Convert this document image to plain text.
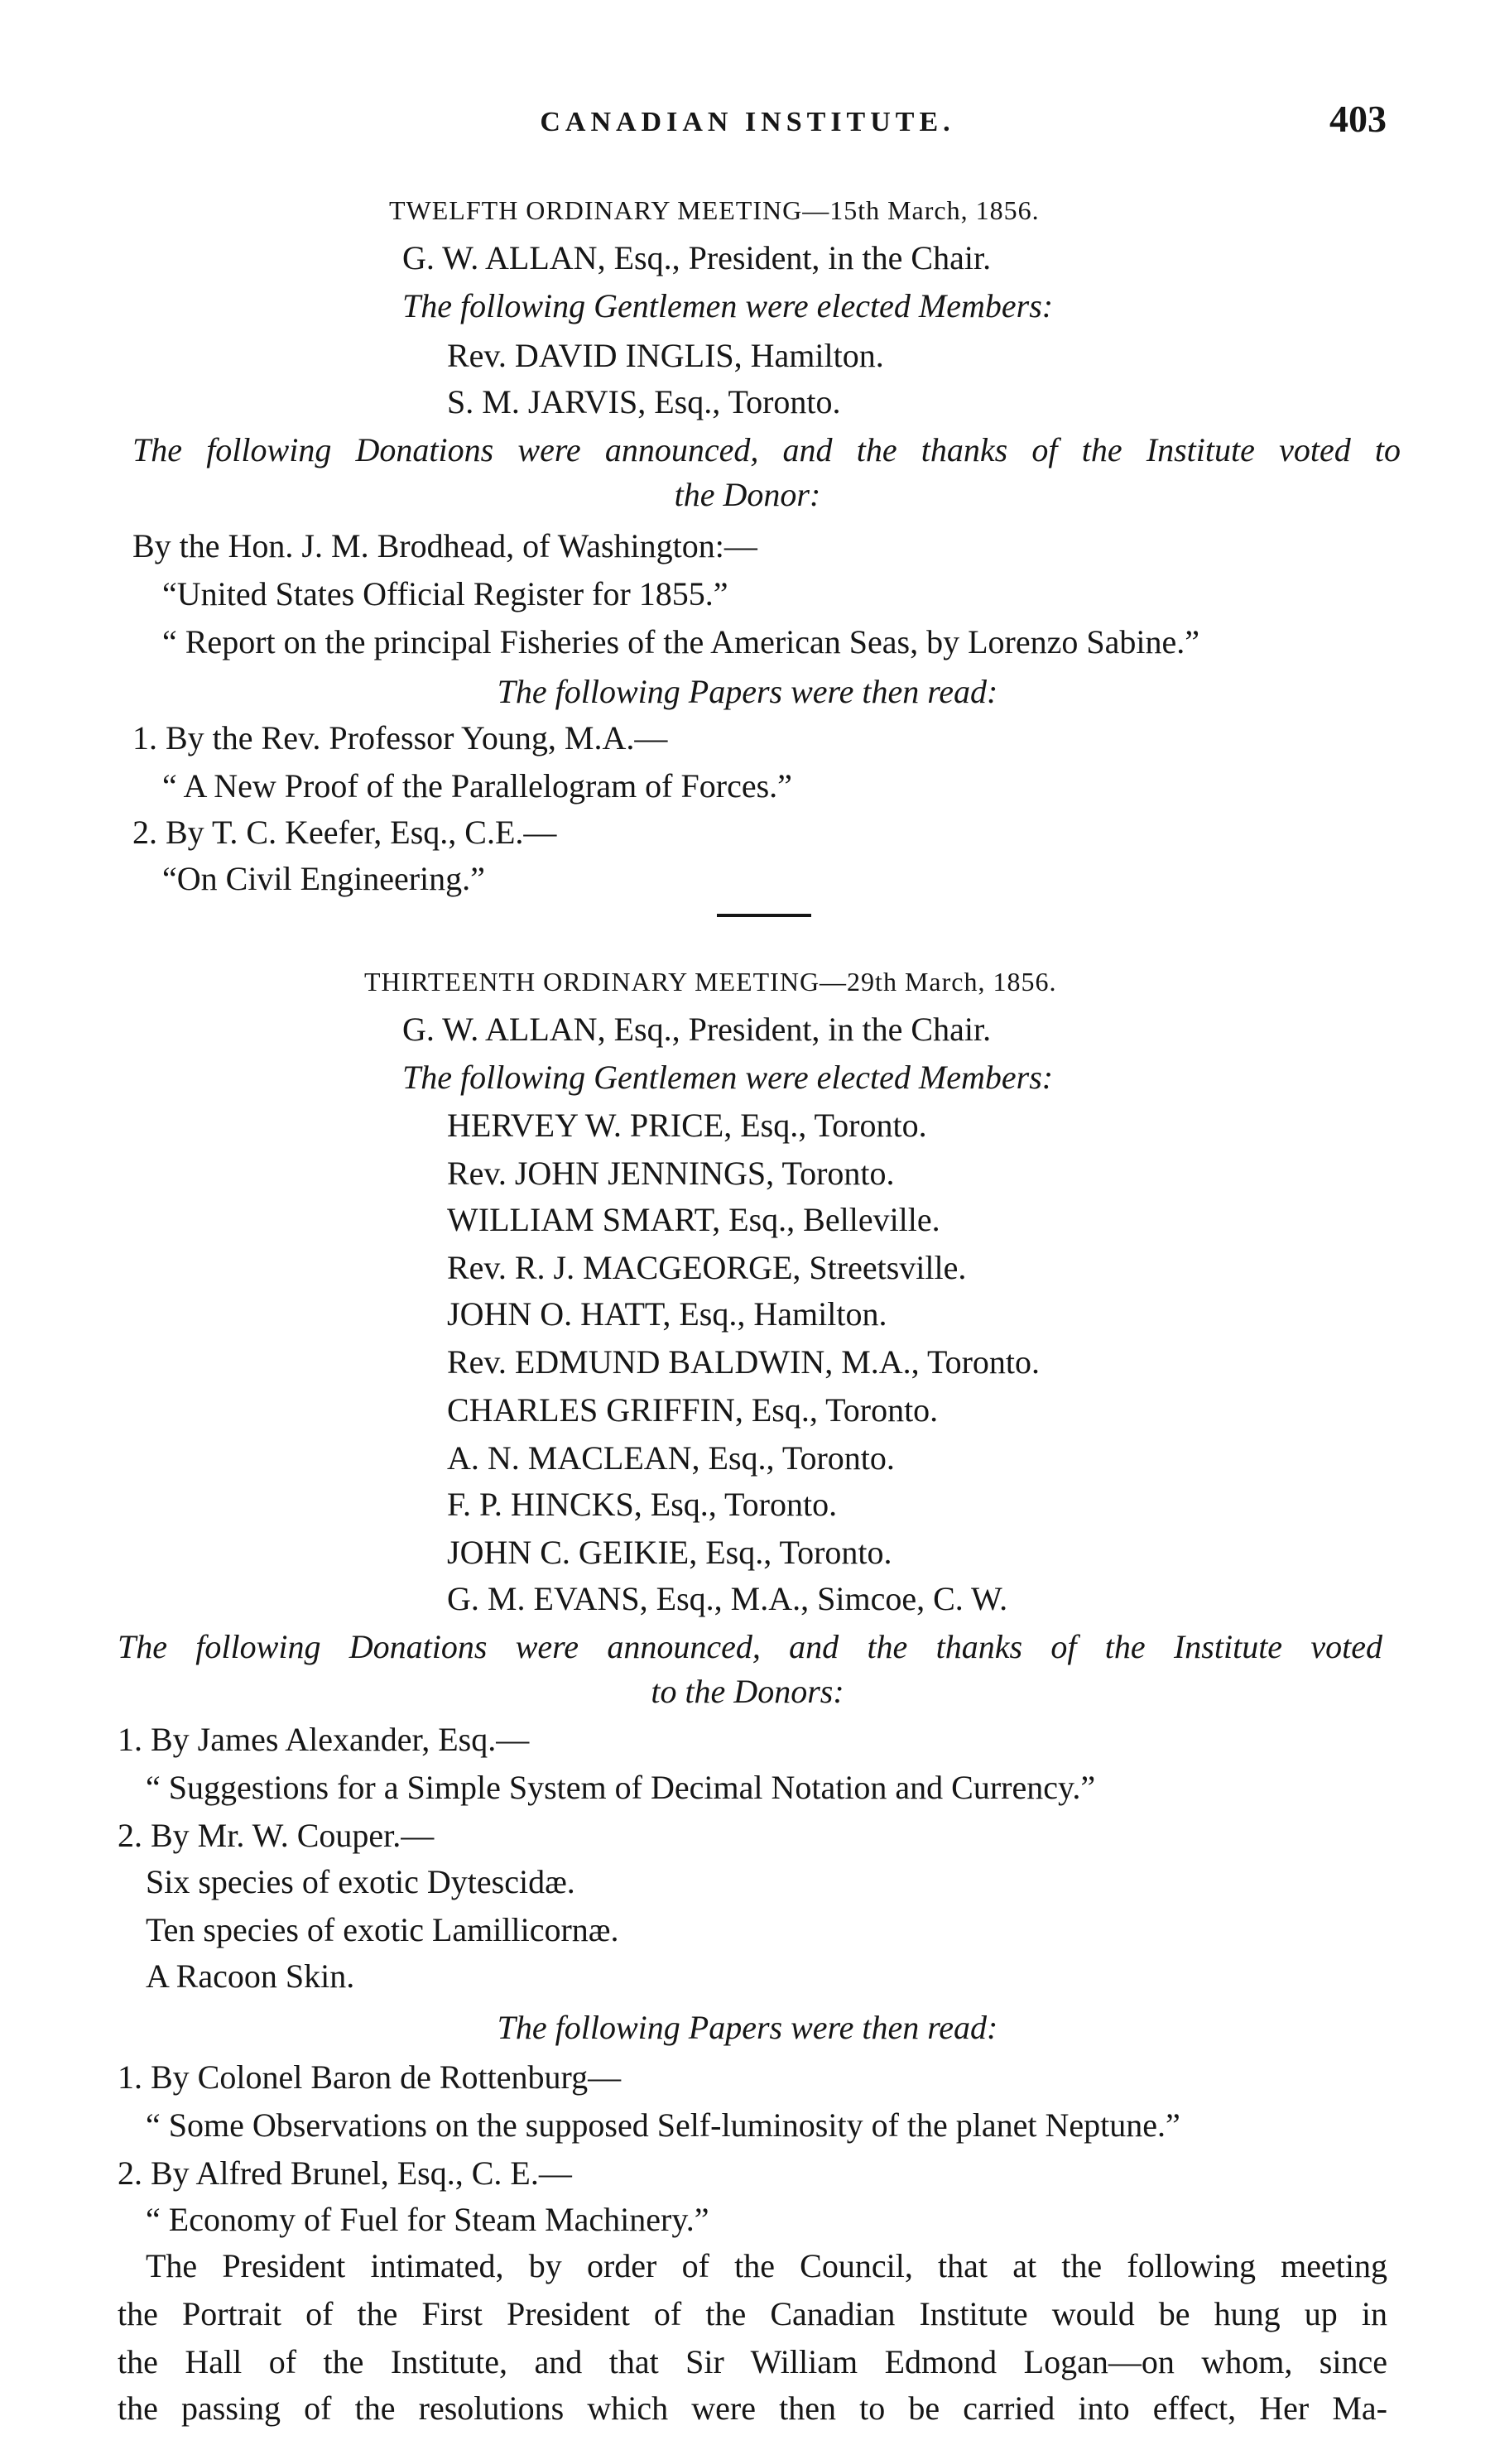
CANADIAN INSTITUTE.	403
TWELFTH ORDINARY MEETING—15th March, 1856.
G. W. ALLAN, Esq., President, in the Chair.
The following Gentlemen were elected Members:
Rev. DAVID INGLIS, Hamilton.
S. M. JARVIS, Esq., Toronto.
The following Donations were announced, and the thanks of the Institute voted to
the Donor:
By the Hon. J. M. Brodhead, of Washington:—
“United States Official Register for 1855.”
“ Report on the principal Fisheries of the American Seas, by Lorenzo Sabine.”
The following Papers were then read:
1. By the Rev. Professor Young, M.A.—
“ A New Proof of the Parallelogram of Forces.”
2. By T. C. Keefer, Esq., C.E.—
“On Civil Engineering.”
THIRTEENTH ORDINARY MEETING—29th March, 1856.
G. W. ALLAN, Esq., President, in the Chair.
The following Gentlemen were elected Members:
HERVEY W. PRICE, Esq., Toronto.
Rev. JOHN JENNINGS, Toronto.
WILLIAM SMART, Esq., Belleville.
Rev. R. J. MACGEORGE, Streetsville.
JOHN O. HATT, Esq., Hamilton.
Rev. EDMUND BALDWIN, M.A., Toronto.
CHARLES GRIFFIN, Esq., Toronto.
A. N. MACLEAN, Esq., Toronto.
F. P. HINCKS, Esq., Toronto.
JOHN C. GEIKIE, Esq., Toronto.
G. M. EVANS, Esq., M.A., Simcoe, C. W.
The following Donations were announced, and the thanks of the Institute voted
to the Donors:
1. By James Alexander, Esq.—
“ Suggestions for a Simple System of Decimal Notation and Currency.”
2. By Mr. W. Couper.—
Six species of exotic Dytescidæ.
Ten species of exotic Lamillicornæ.
A Racoon Skin.
The following Papers were then read:
1. By Colonel Baron de Rottenburg—
“ Some Observations on the supposed Self-luminosity of the planet Neptune.”
2. By Alfred Brunel, Esq., C. E.—
“ Economy of Fuel for Steam Machinery.”
The President intimated, by order of the Council, that at the following meeting
the Portrait of the First President of the Canadian Institute would be hung up in
the Hall of the Institute, and that Sir William Edmond Logan—on whom, since
the passing of the resolutions which were then to be carried into effect, Her Ma-
